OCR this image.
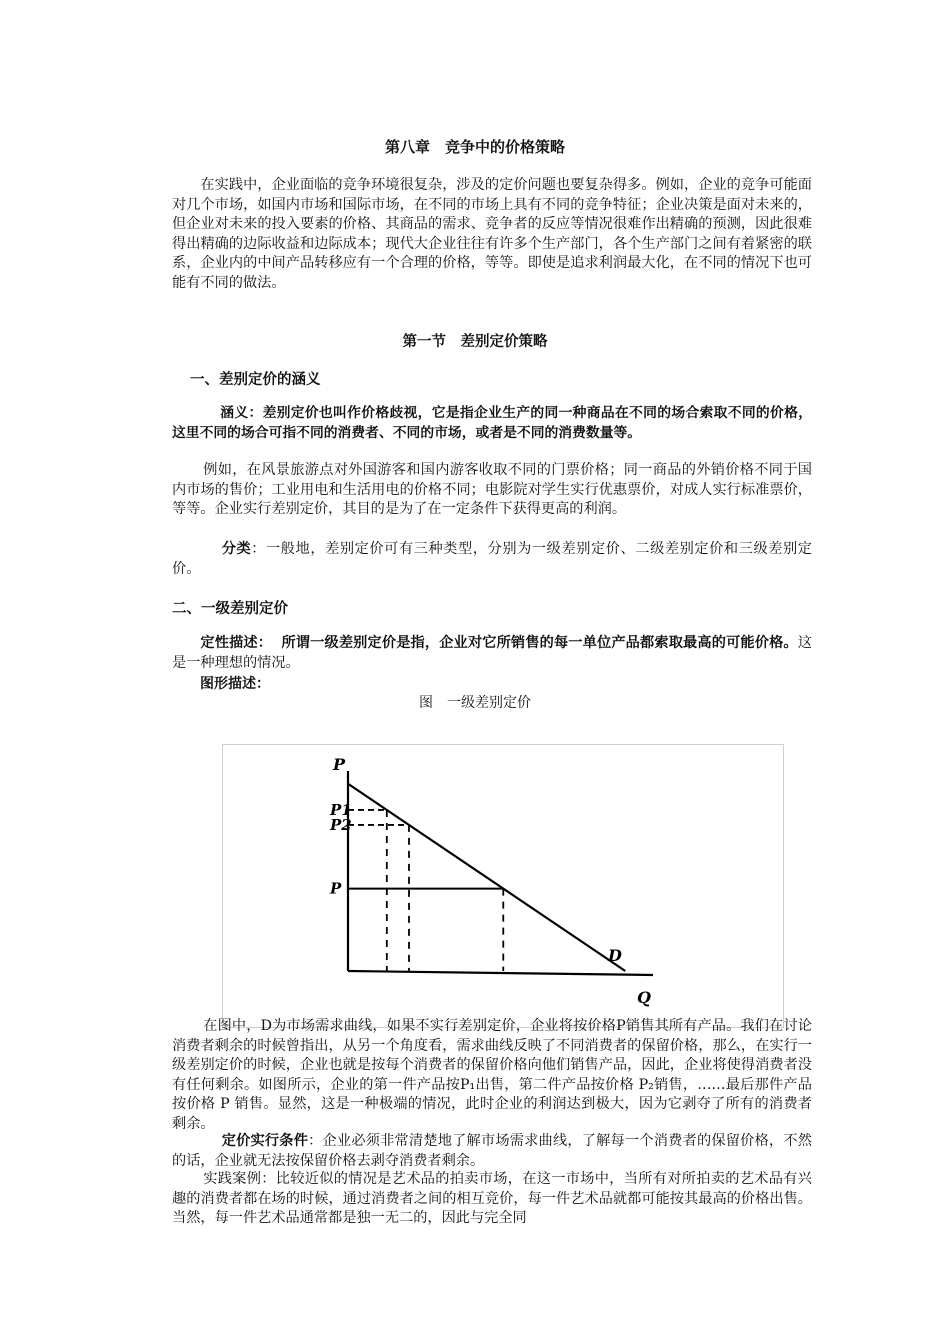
第八章　竞争中的价格策略

在实践中，企业面临的竞争环境很复杂，涉及的定价问题也要复杂得多。例如，企业的竞争可能面对几个市场，如国内市场和国际市场，在不同的市场上具有不同的竞争特征；企业决策是面对未来的，但企业对未来的投入要素的价格、其商品的需求、竞争者的反应等情况很难作出精确的预测，因此很难得出精确的边际收益和边际成本；现代大企业往往有许多个生产部门，各个生产部门之间有着紧密的联系，企业内的中间产品转移应有一个合理的价格，等等。即使是追求利润最大化，在不同的情况下也可能有不同的做法。

第一节　差别定价策略
一、差别定价的涵义

涵义：差别定价也叫作价格歧视，它是指企业生产的同一种商品在不同的场合索取不同的价格，这里不同的场合可指不同的消费者、不同的市场，或者是不同的消费数量等。

例如，在风景旅游点对外国游客和国内游客收取不同的门票价格；同一商品的外销价格不同于国内市场的售价；工业用电和生活用电的价格不同；电影院对学生实行优惠票价，对成人实行标准票价，等等。企业实行差别定价，其目的是为了在一定条件下获得更高的利润。

分类：一般地，差别定价可有三种类型，分别为一级差别定价、二级差别定价和三级差别定价。

二、一级差别定价

定性描述： 所谓一级差别定价是指，企业对它所销售的每一单位产品都索取最高的可能价格。这是一种理想的情况。

图形描述：
图　一级差别定价
P
Q
D
P1
P2
P

在图中，D为市场需求曲线，如果不实行差别定价，企业将按价格P销售其所有产品。我们在讨论消费者剩余的时候曾指出，从另一个角度看，需求曲线反映了不同消费者的保留价格，那么，在实行一级差别定价的时候，企业也就是按每个消费者的保留价格向他们销售产品，因此，企业将使得消费者没有任何剩余。如图所示，企业的第一件产品按P₁出售，第二件产品按价格 P₂销售，……最后那件产品按价格 P 销售。显然，这是一种极端的情况，此时企业的利润达到极大，因为它剥夺了所有的消费者剩余。

定价实行条件：企业必须非常清楚地了解市场需求曲线，了解每一个消费者的保留价格，不然的话，企业就无法按保留价格去剥夺消费者剩余。

实践案例：比较近似的情况是艺术品的拍卖市场，在这一市场中，当所有对所拍卖的艺术品有兴趣的消费者都在场的时候，通过消费者之间的相互竞价，每一件艺术品就都可能按其最高的价格出售。当然，每一件艺术品通常都是独一无二的，因此与完全同
